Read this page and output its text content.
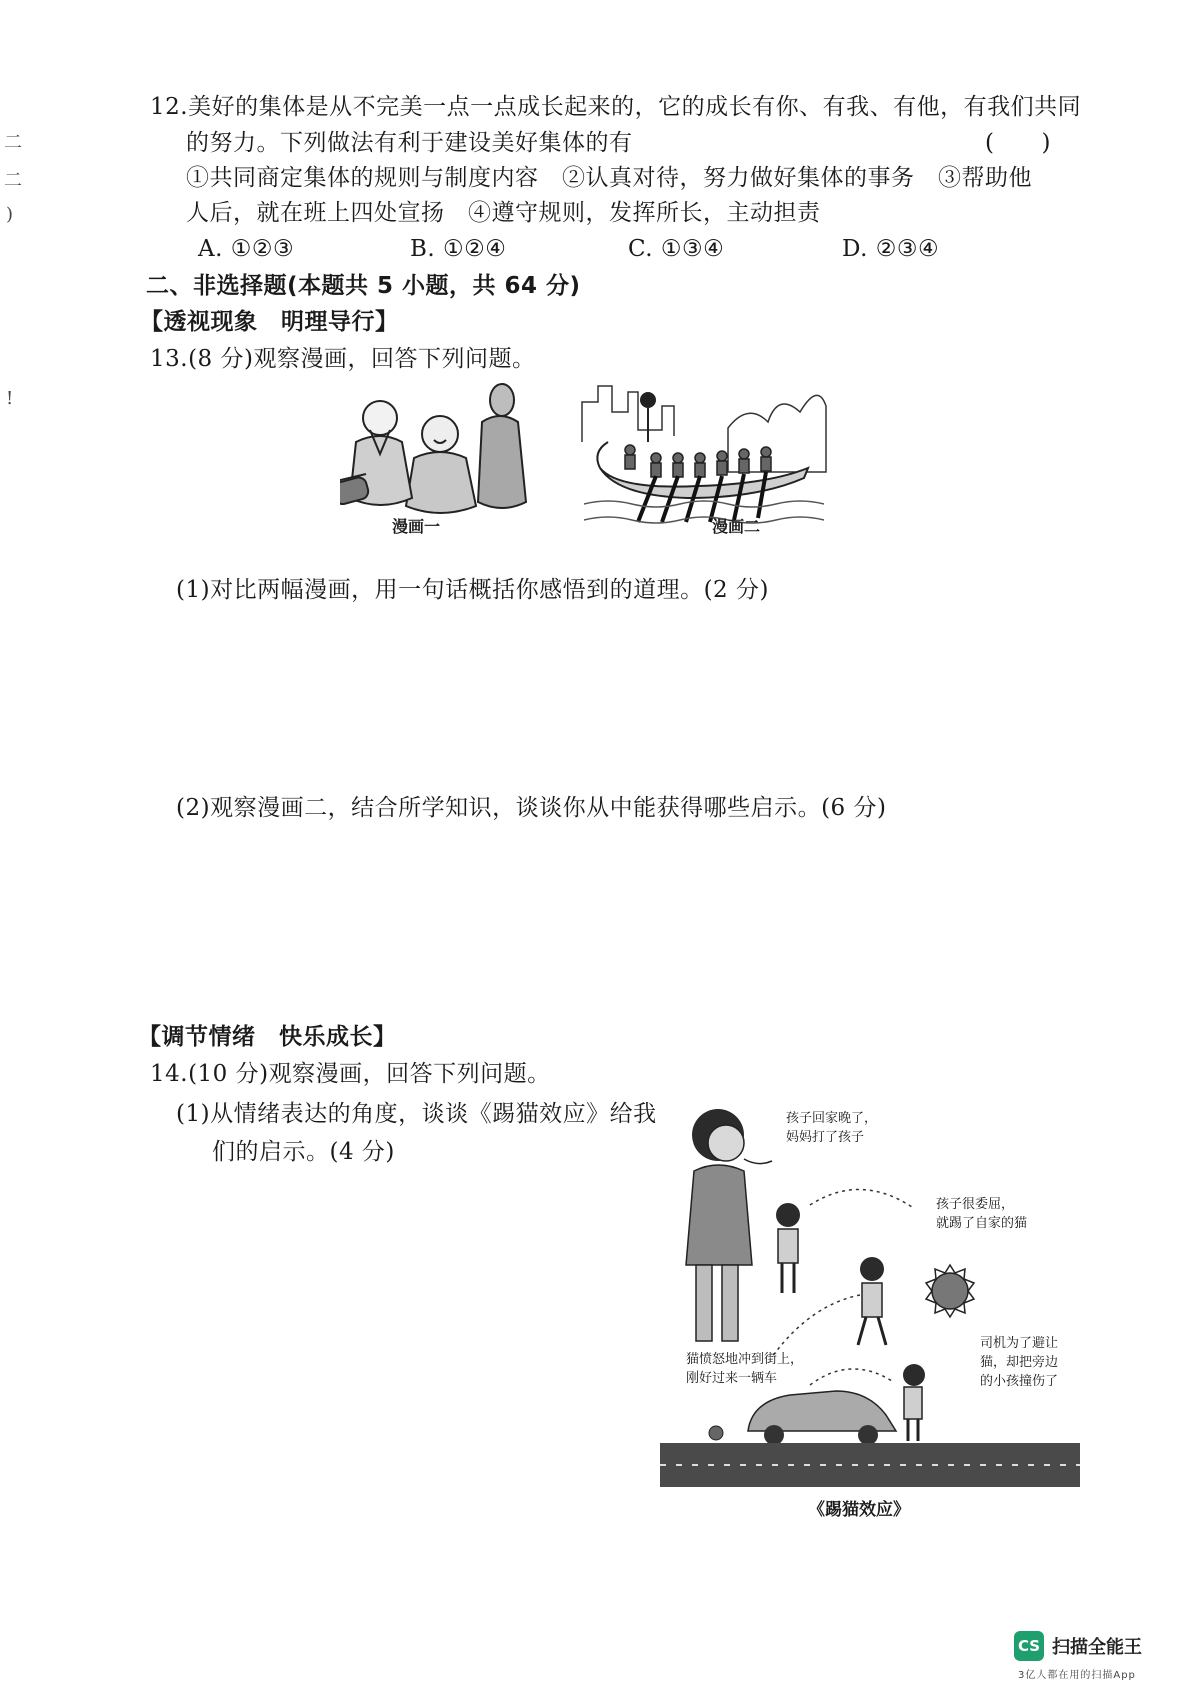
二
二
)
!
12.美好的集体是从不完美一点一点成长起来的，它的成长有你、有我、有他，有我们共同
的努力。下列做法有利于建设美好集体的有	(　　)
①共同商定集体的规则与制度内容　②认真对待，努力做好集体的事务　③帮助他
人后，就在班上四处宣扬　④遵守规则，发挥所长，主动担责
A. ①②③	B. ①②④	C. ①③④	D. ②③④
二、非选择题(本题共 5 小题，共 64 分)
【透视现象　明理导行】
13.(8 分)观察漫画，回答下列问题。
漫画一	漫画二
(1)对比两幅漫画，用一句话概括你感悟到的道理。(2 分)
(2)观察漫画二，结合所学知识，谈谈你从中能获得哪些启示。(6 分)
【调节情绪　快乐成长】
14.(10 分)观察漫画，回答下列问题。
(1)从情绪表达的角度，谈谈《踢猫效应》给我
们的启示。(4 分)
孩子回家晚了，
妈妈打了孩子
孩子很委屈，
就踢了自家的猫
猫愤怒地冲到街上，
刚好过来一辆车
司机为了避让
猫，却把旁边
的小孩撞伤了
《踢猫效应》
CS 扫描全能王
3亿人都在用的扫描App
